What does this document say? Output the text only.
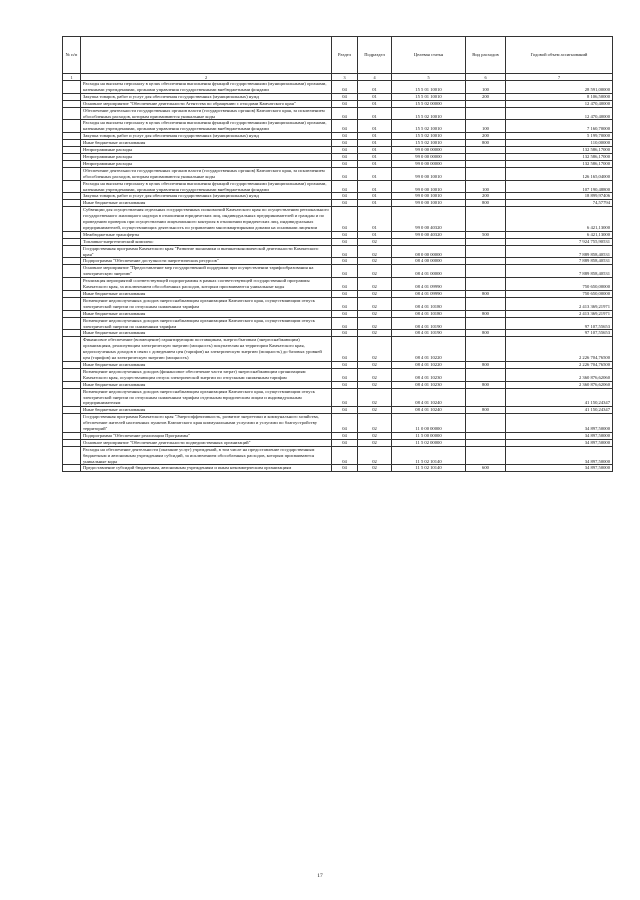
№ п/п		Раздел	Подраздел	Целевая статья	Вид расходов	Годовой объем ассигнований
1	2	3	4	5	6	7
	Расходы на выплаты персоналу в целях обеспечения выполнения функций государственными (муниципальными) органами, казенными учреждениями, органами управления государственными внебюджетными фондами	04	01	15 5 01 10010	100	28 591,00000
	Закупка товаров, работ и услуг для обеспечения государственных (муниципальных) нужд	04	01	15 5 01 10010	200	8 106,50000
	Основное мероприятие "Обеспечение деятельности Агентства по обращению с отходами Камчатского края"	04	01	15 5 02 00000		12 470,40000
	Обеспечение деятельности государственных органов власти (государственных органов) Камчатского края, за исключением обособленных расходов, которым присваиваются уникальные коды	04	01	15 5 02 10010		12 470,40000
	Расходы на выплаты персоналу в целях обеспечения выполнения функций государственными (муниципальными) органами, казенными учреждениями, органами управления государственными внебюджетными фондами	04	01	15 5 02 10010	100	7 160,70000
	Закупка товаров, работ и услуг для обеспечения государственных (муниципальных) нужд	04	01	15 5 02 10010	200	5 199,70000
	Иные бюджетные ассигнования	04	01	15 5 02 10010	800	110,00000
	Непрограммные расходы	04	01	99 0 00 00000		132 586,17000
	Непрограммные расходы	04	01	99 0 00 00000		132 586,17000
	Непрограммные расходы	04	01	99 0 00 00000		132 586,17000
	Обеспечение деятельности государственных органов власти (государственных органов) Камчатского края, за исключением обособленных расходов, которым присваиваются уникальные коды	04	01	99 0 00 10010		126 165,04000
	Расходы на выплаты персоналу в целях обеспечения выполнения функций государственными (муниципальными) органами, казенными учреждениями, органами управления государственными внебюджетными фондами	04	01	99 0 00 10010	100	107 190,48800
	Закупка товаров, работ и услуг для обеспечения государственных (муниципальных) нужд	04	01	99 0 00 10010	200	18 899,97406
	Иные бюджетные ассигнования	04	01	99 0 00 10010	800	74,57794
	Субвенции для осуществления отдельных государственных полномочий Камчатского края по осуществлению регионального государственного жилищного надзора в отношении юридических лиц, индивидуальных предпринимателей и граждан и по проведению проверок при осуществлении лицензионного контроля в отношении юридических лиц, индивидуальных предпринимателей, осуществляющих деятельность по управлению многоквартирными домами на основании лицензии	04	01	99 0 00 40320		6 421,13000
	Межбюджетные трансферты	04	01	99 0 00 40320	500	6 421,13000
	Топливно-энергетический комплекс	04	02			7 924 755,90531
	Государственная программа Камчатского края "Развитие экономики и внешнеэкономической деятельности Камчатского края"	04	02	08 0 00 00000		7 889 858,40531
	Подпрограмма "Обеспечение доступности энергетических ресурсов"	04	02	08 4 00 00000		7 889 858,40531
	Основное мероприятие "Предоставление мер государственной поддержки при осуществлении тарифообразования на электрическую энергию"	04	02	08 4 01 00000		7 889 858,40531
	Реализация мероприятий соответствующей подпрограммы в рамках соответствующей государственной программы Камчатского края, за исключением обособленных расходов, которым присваиваются уникальные коды	04	02	08 4 01 09990		750 650,00000
	Иные бюджетные ассигнования	04	02	08 4 01 09990	800	750 650,00000
	Возмещение недополученных доходов энергоснабжающим организациям Камчатского края, осуществляющим отпуск электрической энергии по отпускным сниженным тарифам	04	02	08 4 01 10180		2 413 369,21971
	Иные бюджетные ассигнования	04	02	08 4 01 10180	800	2 413 369,21971
	Возмещение недополученных доходов энергоснабжающим организациям Камчатского края, осуществляющим отпуск электрической энергии по сниженным тарифам	04	02	08 4 01 10190		97 107,55653
	Иные бюджетные ассигнования	04	02	08 4 01 10190	800	97 107,55653
	Финансовое обеспечение (возмещение) гарантирующим поставщикам, энергосбытовым (энергоснабжающим) организациям, реализующим электрическую энергию (мощность) покупателям на территории Камчатского края, недополученных доходов в связи с доведением цен (тарифов) на электрическую энергию (мощность) до базовых уровней цен (тарифов) на электрическую энергию (мощность)	04	02	08 4 01 10220		2 226 704,76500
	Иные бюджетные ассигнования	04	02	08 4 01 10220	800	2 226 704,76500
	Возмещение недополученных доходов (финансовое обеспечение части затрат) энергоснабжающим организациям Камчатского края, осуществляющим отпуск электрической энергии по отпускным сниженным тарифам	04	02	08 4 01 10230		2 360 876,62060
	Иные бюджетные ассигнования	04	02	08 4 01 10230	800	2 360 876,62060
	Возмещение недополученных доходов энергоснабжающим организациям Камчатского края, осуществляющим отпуск электрической энергии по отпускным сниженным тарифам отдельным юридическим лицам и индивидуальным предпринимателям	04	02	08 4 01 10240		41 150,24347
	Иные бюджетные ассигнования	04	02	08 4 01 10240	800	41 150,24347
	Государственная программа Камчатского края "Энергоэффективность, развитие энергетики и коммунального хозяйства, обеспечение жителей населенных пунктов Камчатского края коммунальными услугами и услугами по благоустройству территорий"	04	02	11 0 00 00000		34 897,50000
	Подпрограмма "Обеспечение реализации Программы"	04	02	11 5 00 00000		34 897,50000
	Основное мероприятие "Обеспечение деятельности подведомственных организаций"	04	02	11 5 02 00000		34 897,50000
	Расходы на обеспечение деятельности (оказание услуг) учреждений, в том числе на предоставление государственным бюджетным и автономным учреждениям субсидий, за исключением обособленных расходов, которым присваиваются уникальные коды	04	02	11 5 02 10140		34 897,50000
	Предоставление субсидий бюджетным, автономным учреждениям и иным некоммерческим организациям	04	02	11 5 02 10140	600	34 897,50000
17
